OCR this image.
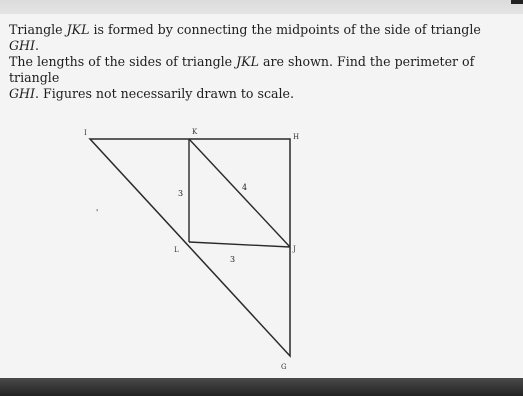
Triangle JKL is formed by connecting the midpoints of the side of triangle GHI.
The lengths of the sides of triangle JKL are shown. Find the perimeter of triangle
GHI. Figures not necessarily drawn to scale.

I	K
H
L	J
G
3
4
3
'
